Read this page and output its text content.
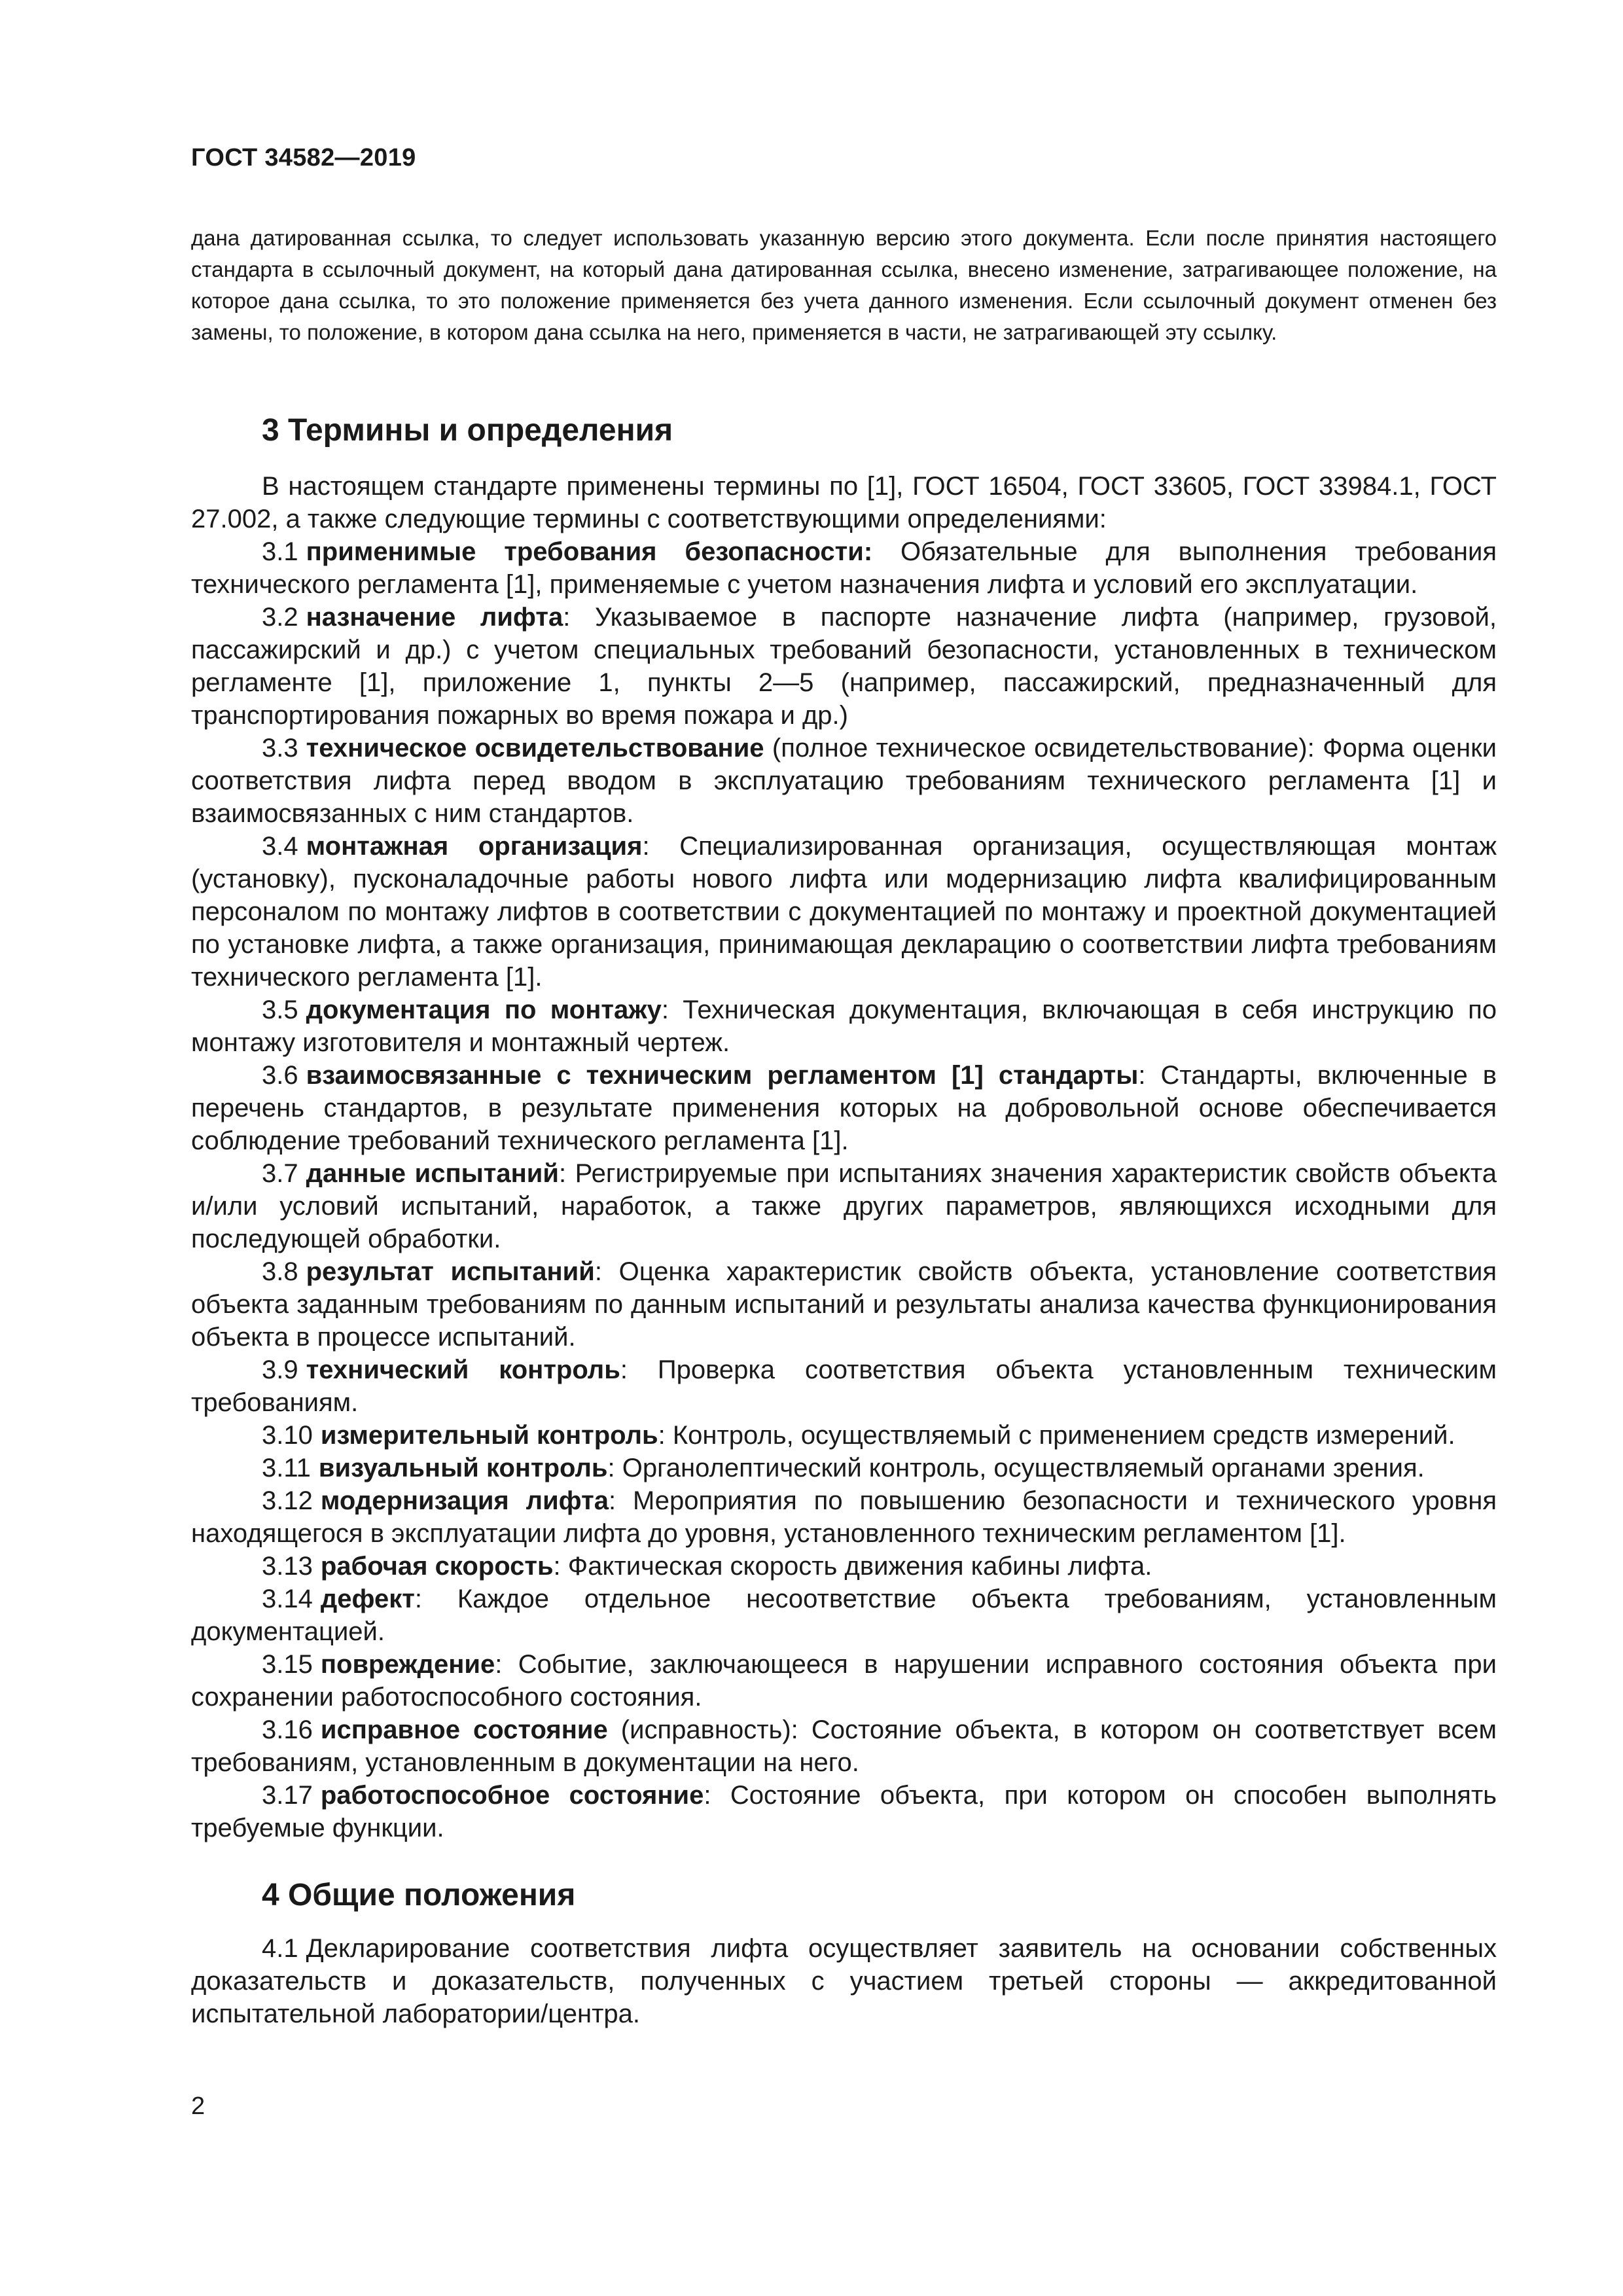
ГОСТ 34582—2019
дана датированная ссылка, то следует использовать указанную версию этого документа. Если после принятия настоящего стандарта в ссылочный документ, на который дана датированная ссылка, внесено изменение, затрагивающее положение, на которое дана ссылка, то это положение применяется без учета данного изменения. Если ссылочный документ отменен без замены, то положение, в котором дана ссылка на него, применяется в части, не затрагивающей эту ссылку.
3 Термины и определения

В настоящем стандарте применены термины по [1], ГОСТ 16504, ГОСТ 33605, ГОСТ 33984.1, ГОСТ 27.002, а также следующие термины с соответствующими определениями:

3.1 применимые требования безопасности: Обязательные для выполнения требования технического регламента [1], применяемые с учетом назначения лифта и условий его эксплуатации.

3.2 назначение лифта: Указываемое в паспорте назначение лифта (например, грузовой, пассажирский и др.) с учетом специальных требований безопасности, установленных в техническом регламенте [1], приложение 1, пункты 2—5 (например, пассажирский, предназначенный для транспортирования пожарных во время пожара и др.)

3.3 техническое освидетельствование (полное техническое освидетельствование): Форма оценки соответствия лифта перед вводом в эксплуатацию требованиям технического регламента [1] и взаимосвязанных с ним стандартов.

3.4 монтажная организация: Специализированная организация, осуществляющая монтаж (установку), пусконаладочные работы нового лифта или модернизацию лифта квалифицированным персоналом по монтажу лифтов в соответствии с документацией по монтажу и проектной документацией по установке лифта, а также организация, принимающая декларацию о соответствии лифта требованиям технического регламента [1].

3.5 документация по монтажу: Техническая документация, включающая в себя инструкцию по монтажу изготовителя и монтажный чертеж.

3.6 взаимосвязанные с техническим регламентом [1] стандарты: Стандарты, включенные в перечень стандартов, в результате применения которых на добровольной основе обеспечивается соблюдение требований технического регламента [1].

3.7 данные испытаний: Регистрируемые при испытаниях значения характеристик свойств объекта и/или условий испытаний, наработок, а также других параметров, являющихся исходными для последующей обработки.

3.8 результат испытаний: Оценка характеристик свойств объекта, установление соответствия объекта заданным требованиям по данным испытаний и результаты анализа качества функционирования объекта в процессе испытаний.

3.9 технический контроль: Проверка соответствия объекта установленным техническим требованиям.

3.10 измерительный контроль: Контроль, осуществляемый с применением средств измерений.

3.11 визуальный контроль: Органолептический контроль, осуществляемый органами зрения.

3.12 модернизация лифта: Мероприятия по повышению безопасности и технического уровня находящегося в эксплуатации лифта до уровня, установленного техническим регламентом [1].

3.13 рабочая скорость: Фактическая скорость движения кабины лифта.

3.14 дефект: Каждое отдельное несоответствие объекта требованиям, установленным документацией.

3.15 повреждение: Событие, заключающееся в нарушении исправного состояния объекта при сохранении работоспособного состояния.

3.16 исправное состояние (исправность): Состояние объекта, в котором он соответствует всем требованиям, установленным в документации на него.

3.17 работоспособное состояние: Состояние объекта, при котором он способен выполнять требуемые функции.

4 Общие положения

4.1 Декларирование соответствия лифта осуществляет заявитель на основании собственных доказательств и доказательств, полученных с участием третьей стороны — аккредитованной испытательной лаборатории/центра.

2
